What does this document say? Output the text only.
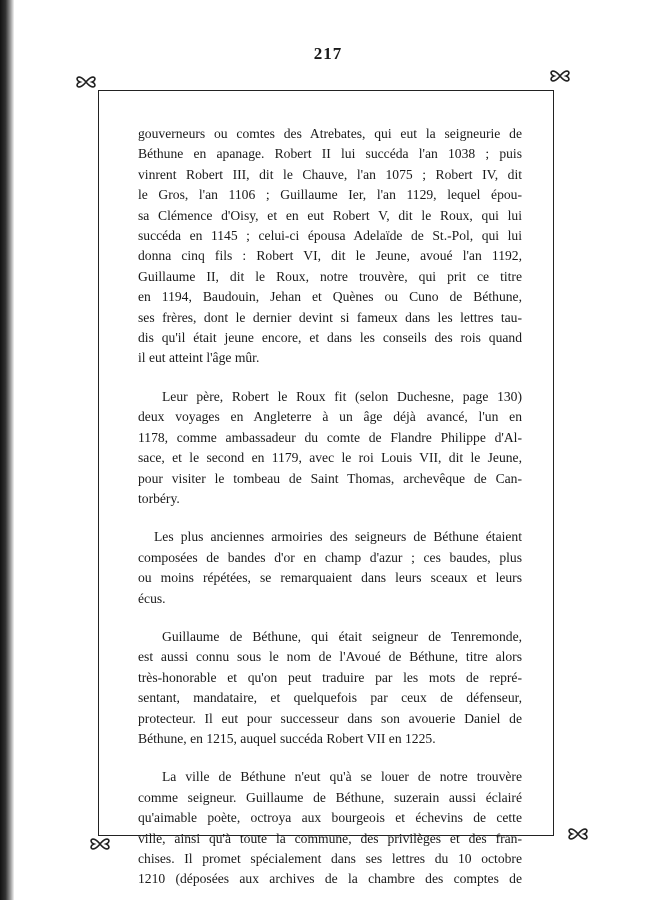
217
gouverneurs ou comtes des Atrebates, qui eut la seigneurie de
Béthune en apanage. Robert II lui succéda l'an 1038 ; puis
vinrent Robert III, dit le Chauve, l'an 1075 ; Robert IV, dit
le Gros, l'an 1106 ; Guillaume Ier, l'an 1129, lequel épou-
sa Clémence d'Oisy, et en eut Robert V, dit le Roux, qui lui
succéda en 1145 ; celui-ci épousa Adelaïde de St.-Pol, qui lui
donna cinq fils : Robert VI, dit le Jeune, avoué l'an 1192,
Guillaume II, dit le Roux, notre trouvère, qui prit ce titre
en 1194, Baudouin, Jehan et Quènes ou Cuno de Béthune,
ses frères, dont le dernier devint si fameux dans les lettres tau-
dis qu'il était jeune encore, et dans les conseils des rois quand
il eut atteint l'âge mûr.
Leur père, Robert le Roux fit (selon Duchesne, page 130)
deux voyages en Angleterre à un âge déjà avancé, l'un en
1178, comme ambassadeur du comte de Flandre Philippe d'Al-
sace, et le second en 1179, avec le roi Louis VII, dit le Jeune,
pour visiter le tombeau de Saint Thomas, archevêque de Can-
torbéry.
Les plus anciennes armoiries des seigneurs de Béthune étaient
composées de bandes d'or en champ d'azur ; ces baudes, plus
ou moins répétées, se remarquaient dans leurs sceaux et leurs
écus.
Guillaume de Béthune, qui était seigneur de Tenremonde,
est aussi connu sous le nom de l'Avoué de Béthune, titre alors
très-honorable et qu'on peut traduire par les mots de repré-
sentant, mandataire, et quelquefois par ceux de défenseur,
protecteur. Il eut pour successeur dans son avouerie Daniel de
Béthune, en 1215, auquel succéda Robert VII en 1225.
La ville de Béthune n'eut qu'à se louer de notre trouvère
comme seigneur. Guillaume de Béthune, suzerain aussi éclairé
qu'aimable poète, octroya aux bourgeois et échevins de cette
ville, ainsi qu'à toute la commune, des privilèges et des fran-
chises. Il promet spécialement dans ses lettres du 10 octobre
1210 (déposées aux archives de la chambre des comptes de
